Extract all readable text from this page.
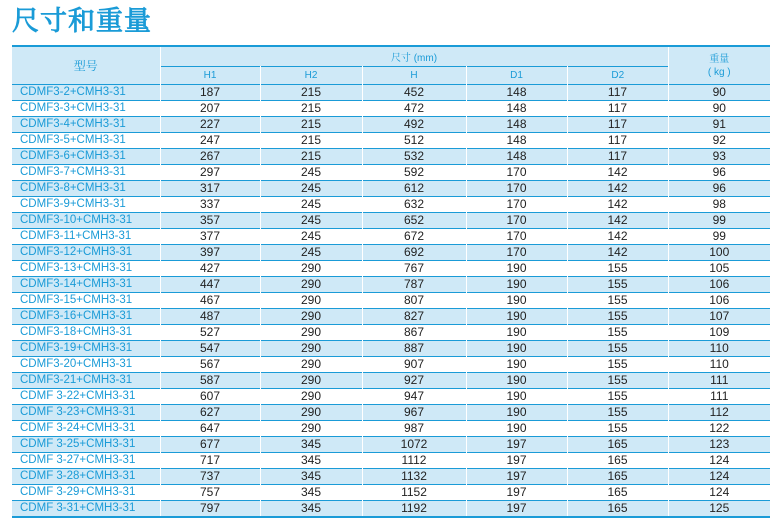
尺寸和重量
型号	尺寸 (mm)					重量
( kg )

	H1	H2	H	D1	D2	
CDMF3-2+CMH3-31	187	215	452	148	117	90
CDMF3-3+CMH3-31	207	215	472	148	117	90
CDMF3-4+CMH3-31	227	215	492	148	117	91
CDMF3-5+CMH3-31	247	215	512	148	117	92
CDMF3-6+CMH3-31	267	215	532	148	117	93
CDMF3-7+CMH3-31	297	245	592	170	142	96
CDMF3-8+CMH3-31	317	245	612	170	142	96
CDMF3-9+CMH3-31	337	245	632	170	142	98
CDMF3-10+CMH3-31	357	245	652	170	142	99
CDMF3-11+CMH3-31	377	245	672	170	142	99
CDMF3-12+CMH3-31	397	245	692	170	142	100
CDMF3-13+CMH3-31	427	290	767	190	155	105
CDMF3-14+CMH3-31	447	290	787	190	155	106
CDMF3-15+CMH3-31	467	290	807	190	155	106
CDMF3-16+CMH3-31	487	290	827	190	155	107
CDMF3-18+CMH3-31	527	290	867	190	155	109
CDMF3-19+CMH3-31	547	290	887	190	155	110
CDMF3-20+CMH3-31	567	290	907	190	155	110
CDMF3-21+CMH3-31	587	290	927	190	155	111
CDMF 3-22+CMH3-31	607	290	947	190	155	111
CDMF 3-23+CMH3-31	627	290	967	190	155	112
CDMF 3-24+CMH3-31	647	290	987	190	155	122
CDMF 3-25+CMH3-31	677	345	1072	197	165	123
CDMF 3-27+CMH3-31	717	345	1112	197	165	124
CDMF 3-28+CMH3-31	737	345	1132	197	165	124
CDMF 3-29+CMH3-31	757	345	1152	197	165	124
CDMF 3-31+CMH3-31	797	345	1192	197	165	125
